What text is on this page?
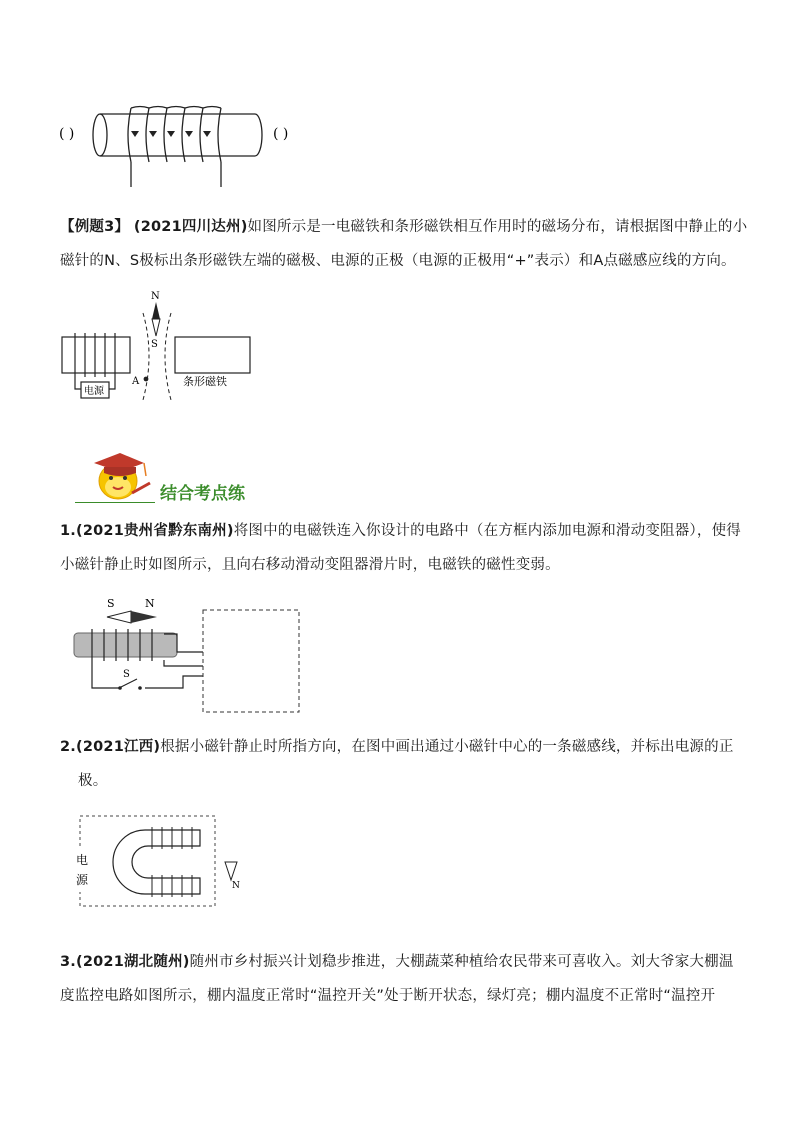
( )	( )
【例题3】 (2021四川达州)如图所示是一电磁铁和条形磁铁相互作用时的磁场分布，请根据图中静止的小
磁针的N、S极标出条形磁铁左端的磁极、电源的正极（电源的正极用“+”表示）和A点磁感应线的方向。
电源
条形磁铁
N
S
A
结合考点练
1.(2021贵州省黔东南州)将图中的电磁铁连入你设计的电路中（在方框内添加电源和滑动变阻器），使得
小磁针静止时如图所示，且向右移动滑动变阻器滑片时，电磁铁的磁性变弱。
S	N
S
2.(2021江西)根据小磁针静止时所指方向，在图中画出通过小磁针中心的一条磁感线，并标出电源的正
极。
电
源	N
3.(2021湖北随州)随州市乡村振兴计划稳步推进，大棚蔬菜种植给农民带来可喜收入。刘大爷家大棚温
度监控电路如图所示，棚内温度正常时“温控开关”处于断开状态，绿灯亮；棚内温度不正常时“温控开
